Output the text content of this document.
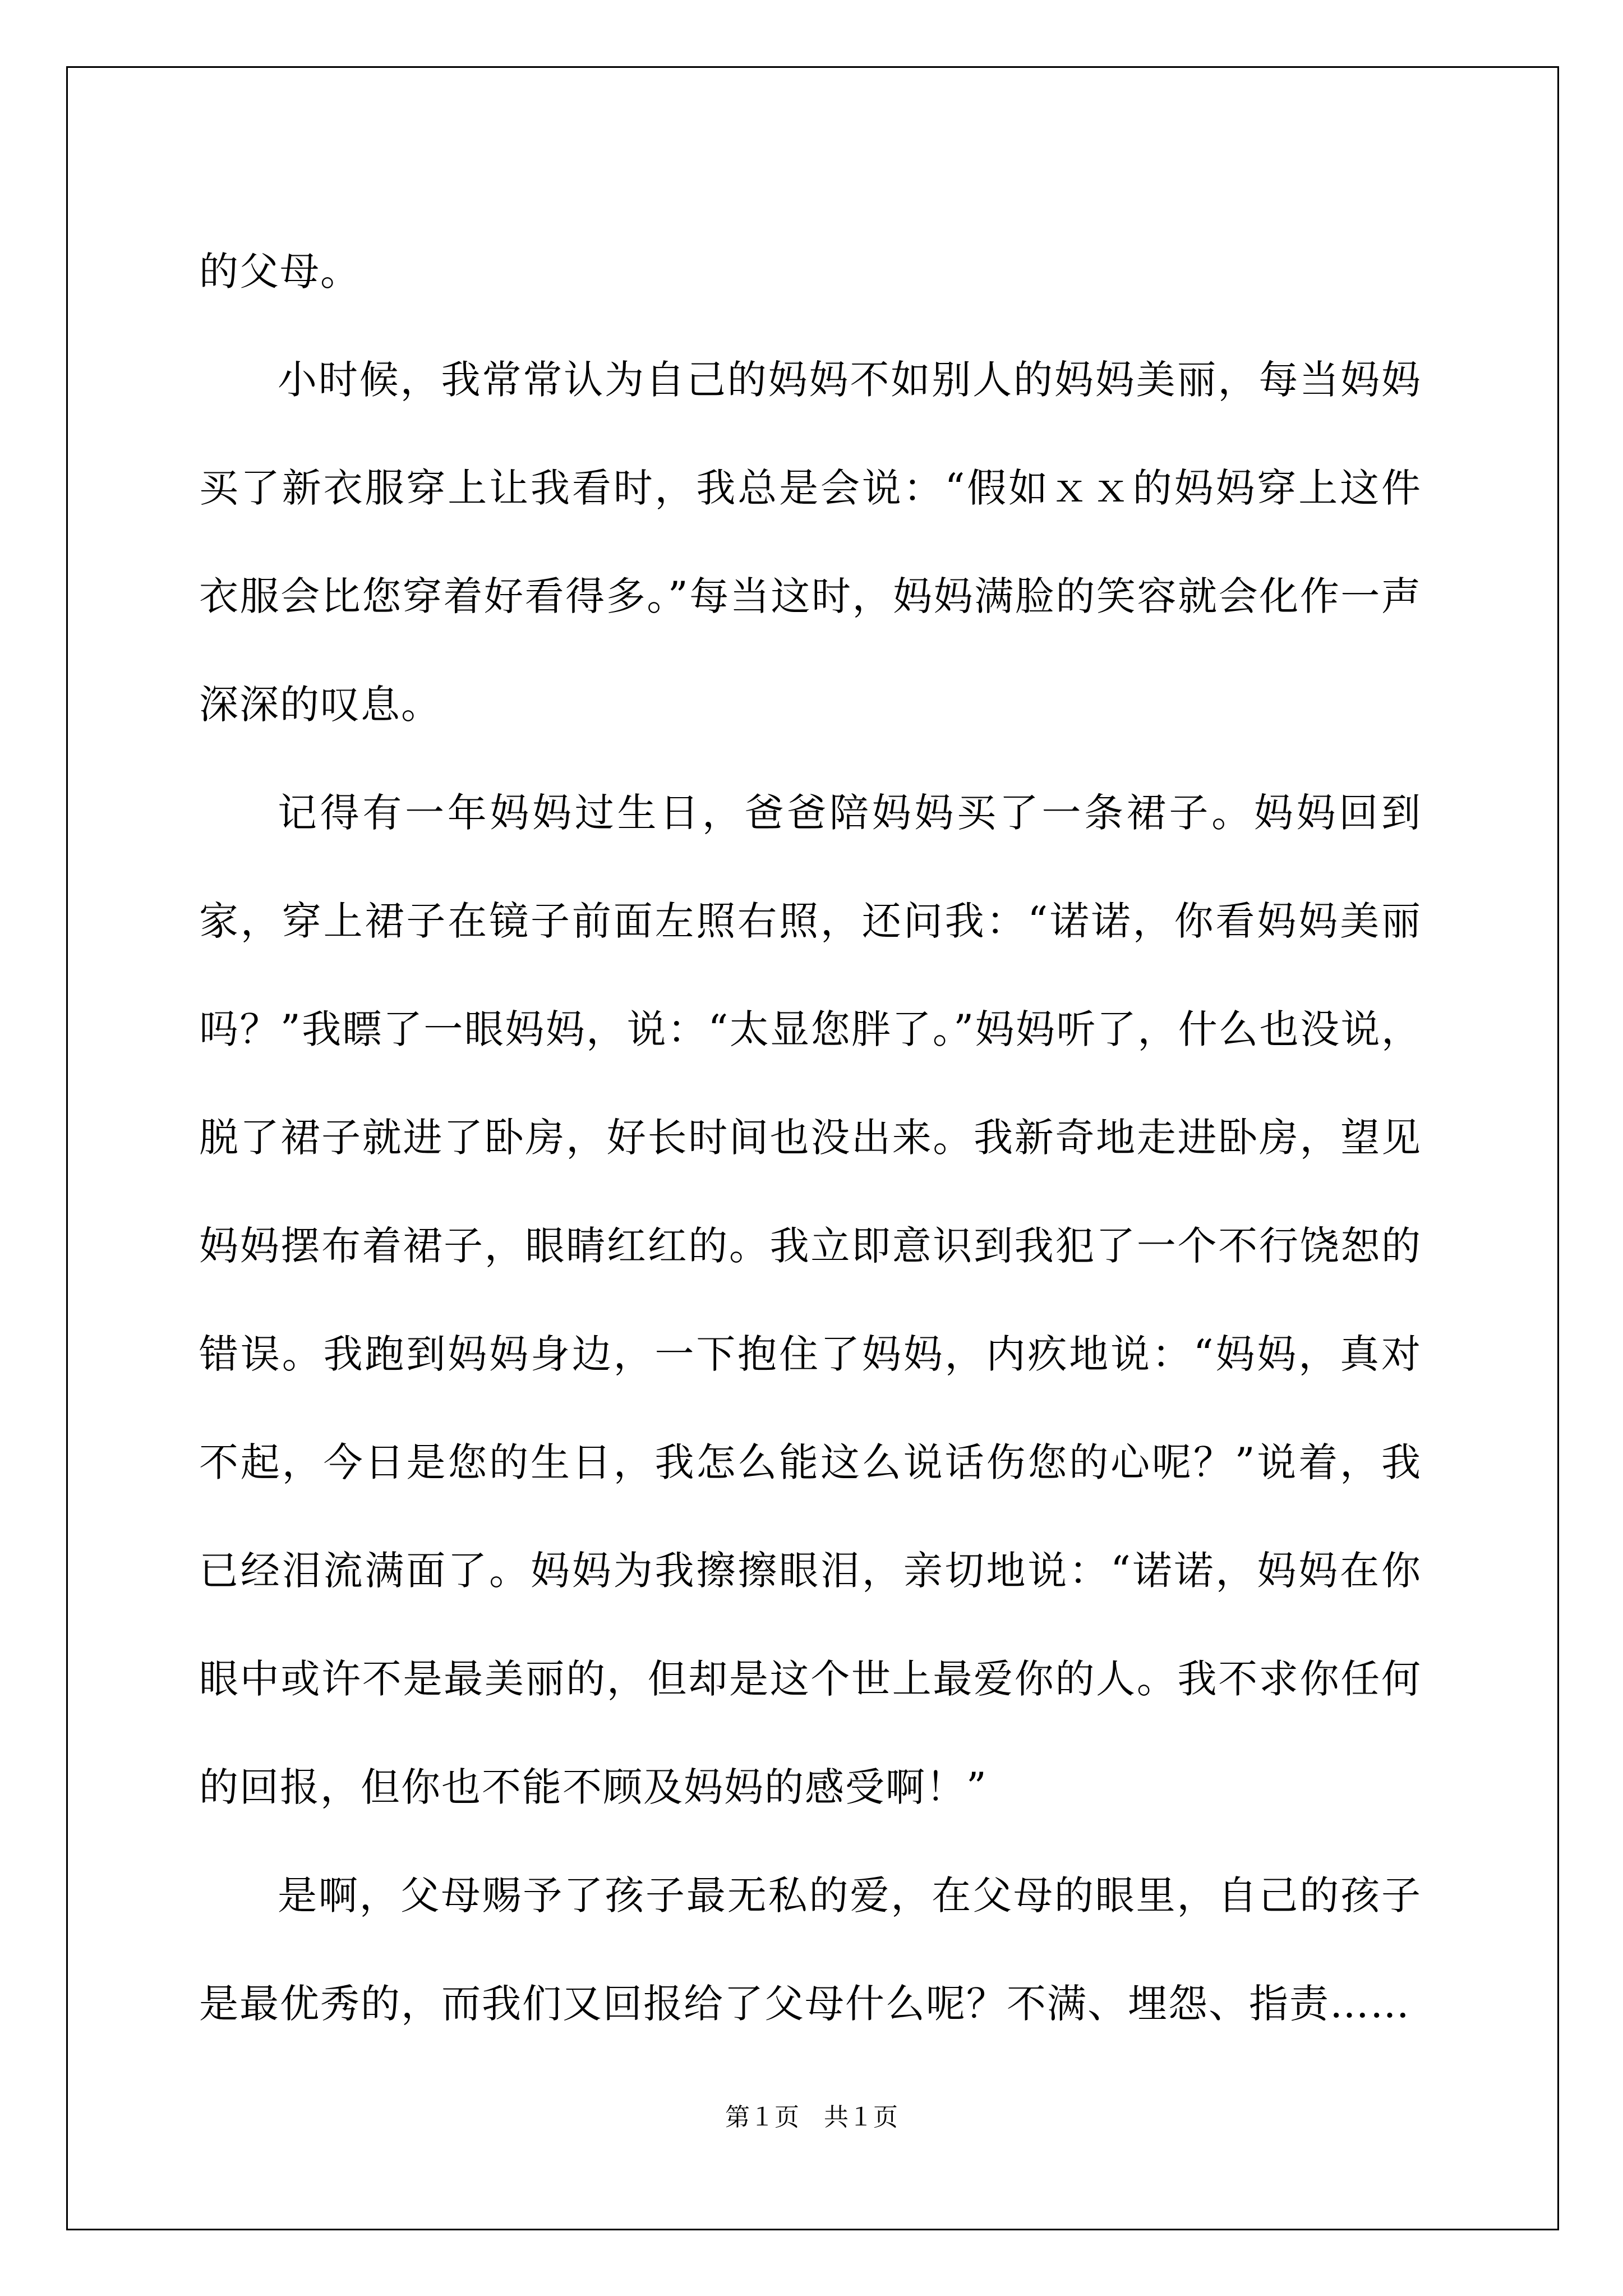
的父母。

小时候，我常常认为自己的妈妈不如别人的妈妈美丽，每当妈妈买了新衣服穿上让我看时，我总是会说：“假如ｘｘ的妈妈穿上这件衣服会比您穿着好看得多。”每当这时，妈妈满脸的笑容就会化作一声深深的叹息。

记得有一年妈妈过生日，爸爸陪妈妈买了一条裙子。妈妈回到家，穿上裙子在镜子前面左照右照，还问我：“诺诺，你看妈妈美丽吗？”我瞟了一眼妈妈，说：“太显您胖了。”妈妈听了，什么也没说，脱了裙子就进了卧房，好长时间也没出来。我新奇地走进卧房，望见妈妈摆布着裙子，眼睛红红的。我立即意识到我犯了一个不行饶恕的错误。我跑到妈妈身边，一下抱住了妈妈，内疚地说：“妈妈，真对不起，今日是您的生日，我怎么能这么说话伤您的心呢？”说着，我已经泪流满面了。妈妈为我擦擦眼泪，亲切地说：“诺诺，妈妈在你眼中或许不是最美丽的，但却是这个世上最爱你的人。我不求你任何的回报，但你也不能不顾及妈妈的感受啊！”

是啊，父母赐予了孩子最无私的爱，在父母的眼里，自己的孩子是最优秀的，而我们又回报给了父母什么呢？不满、埋怨、指责……

第１页　共１页
